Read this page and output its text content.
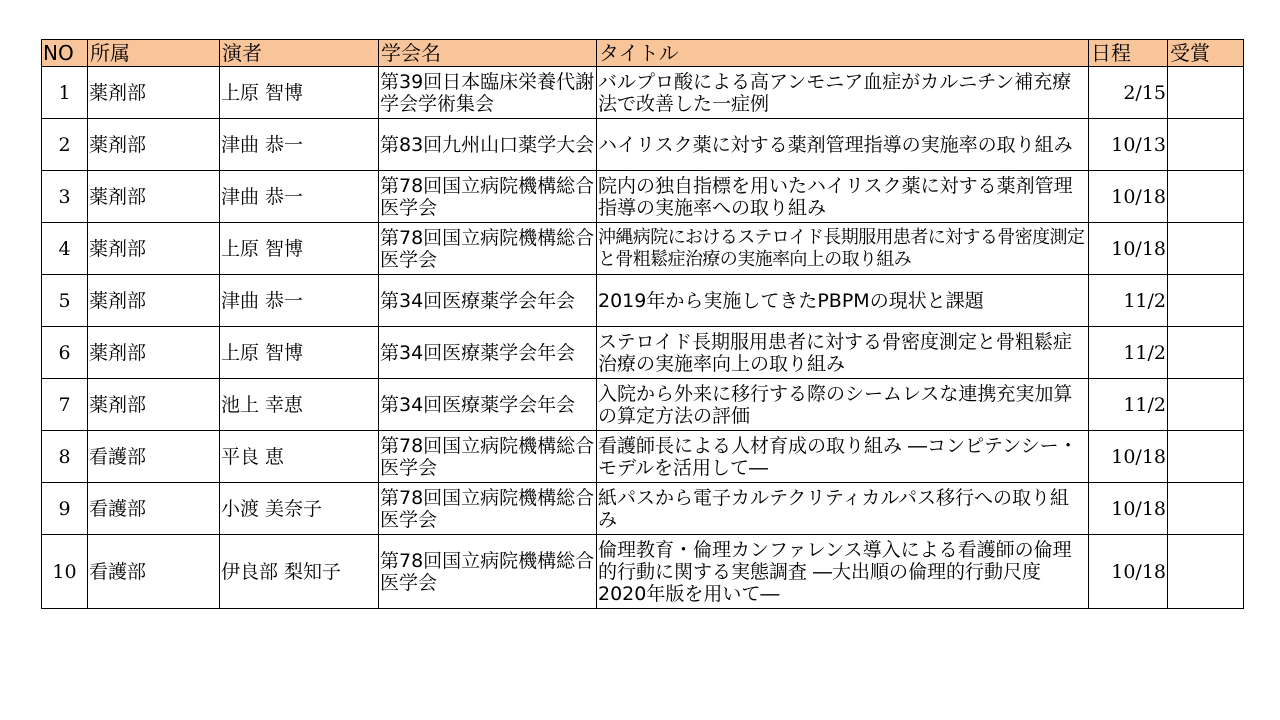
NO	所属	演者	学会名	タイトル	日程	受賞
1	薬剤部	上原 智博	第39回日本臨床栄養代謝学会学術集会	バルプロ酸による高アンモニア血症がカルニチン補充療法で改善した一症例	2/15	
2	薬剤部	津曲 恭一	第83回九州山口薬学大会	ハイリスク薬に対する薬剤管理指導の実施率の取り組み	10/13	
3	薬剤部	津曲 恭一	第78回国立病院機構総合医学会	院内の独自指標を用いたハイリスク薬に対する薬剤管理指導の実施率への取り組み	10/18	
4	薬剤部	上原 智博	第78回国立病院機構総合医学会	沖縄病院におけるステロイド長期服用患者に対する骨密度測定と骨粗鬆症治療の実施率向上の取り組み	10/18	
5	薬剤部	津曲 恭一	第34回医療薬学会年会	2019年から実施してきたPBPMの現状と課題	11/2	
6	薬剤部	上原 智博	第34回医療薬学会年会	ステロイド長期服用患者に対する骨密度測定と骨粗鬆症治療の実施率向上の取り組み	11/2	
7	薬剤部	池上 幸恵	第34回医療薬学会年会	入院から外来に移行する際のシームレスな連携充実加算の算定方法の評価	11/2	
8	看護部	平良 恵	第78回国立病院機構総合医学会	看護師長による人材育成の取り組み ―コンピテンシー・モデルを活用して―	10/18	
9	看護部	小渡 美奈子	第78回国立病院機構総合医学会	紙パスから電子カルテクリティカルパス移行への取り組み	10/18	
10	看護部	伊良部 梨知子	第78回国立病院機構総合医学会	倫理教育・倫理カンファレンス導入による看護師の倫理的行動に関する実態調査 ―大出順の倫理的行動尺度2020年版を用いて―	10/18	
